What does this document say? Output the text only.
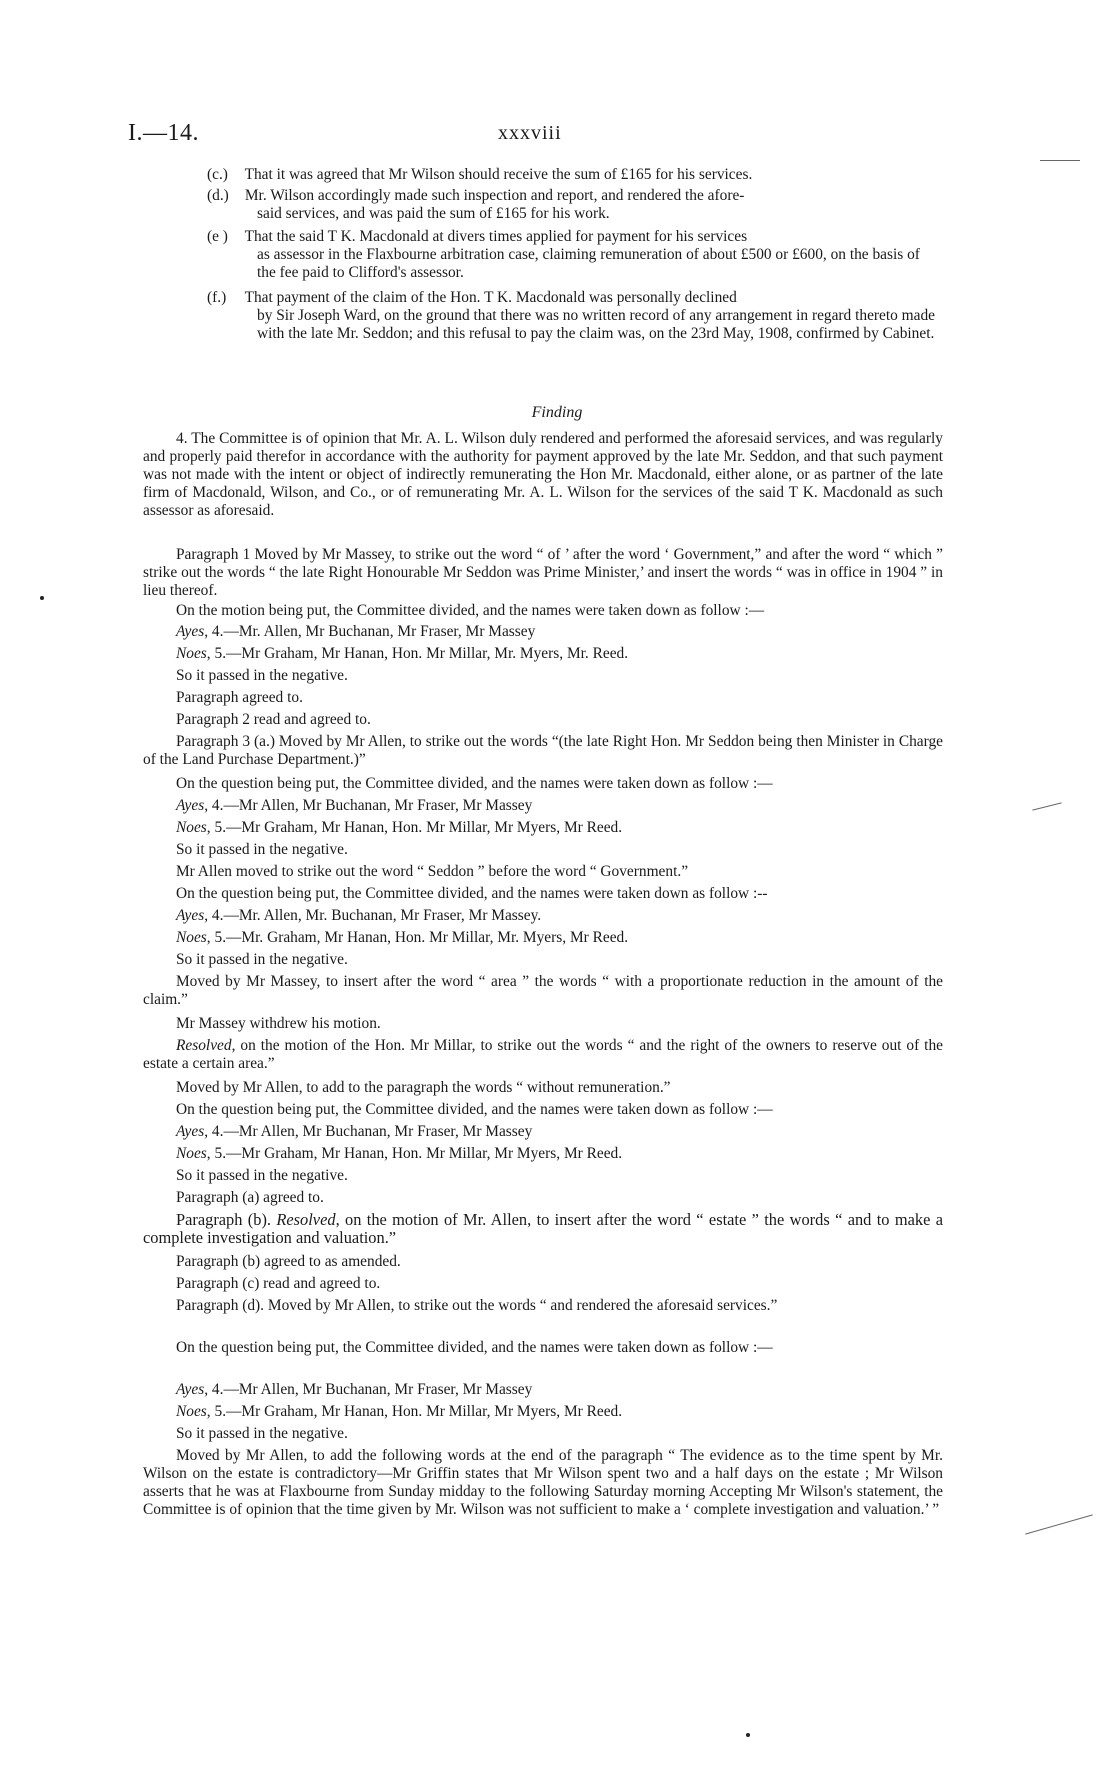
I.—14.	xxxviii
(c.) That it was agreed that Mr Wilson should receive the sum of £165 for his services.
(d.) Mr. Wilson accordingly made such inspection and report, and rendered the afore-
said services, and was paid the sum of £165 for his work.
(e ) That the said T K. Macdonald at divers times applied for payment for his services
as assessor in the Flaxbourne arbitration case, claiming remuneration of about £500 or £600, on the basis of the fee paid to Clifford's assessor.
(f.) That payment of the claim of the Hon. T K. Macdonald was personally declined
by Sir Joseph Ward, on the ground that there was no written record of any arrangement in regard thereto made with the late Mr. Seddon; and this refusal to pay the claim was, on the 23rd May, 1908, confirmed by Cabinet.
Finding
4. The Committee is of opinion that Mr. A. L. Wilson duly rendered and performed the aforesaid services, and was regularly and properly paid therefor in accordance with the authority for payment approved by the late Mr. Seddon, and that such payment was not made with the intent or object of indirectly remunerating the Hon Mr. Macdonald, either alone, or as partner of the late firm of Macdonald, Wilson, and Co., or of remunerating Mr. A. L. Wilson for the services of the said T K. Macdonald as such assessor as aforesaid.
Paragraph 1 Moved by Mr Massey, to strike out the word “ of ’ after the word ‘ Government,” and after the word “ which ” strike out the words “ the late Right Honourable Mr Seddon was Prime Minister,’ and insert the words “ was in office in 1904 ” in lieu thereof.
On the motion being put, the Committee divided, and the names were taken down as follow :—
Ayes, 4.—Mr. Allen, Mr Buchanan, Mr Fraser, Mr Massey
Noes, 5.—Mr Graham, Mr Hanan, Hon. Mr Millar, Mr. Myers, Mr. Reed.
So it passed in the negative.
Paragraph agreed to.
Paragraph 2 read and agreed to.
Paragraph 3 (a.) Moved by Mr Allen, to strike out the words “(the late Right Hon. Mr Seddon being then Minister in Charge of the Land Purchase Department.)”
On the question being put, the Committee divided, and the names were taken down as follow :—
Ayes, 4.—Mr Allen, Mr Buchanan, Mr Fraser, Mr Massey
Noes, 5.—Mr Graham, Mr Hanan, Hon. Mr Millar, Mr Myers, Mr Reed.
So it passed in the negative.
Mr Allen moved to strike out the word “ Seddon ” before the word “ Government.”
On the question being put, the Committee divided, and the names were taken down as follow :--
Ayes, 4.—Mr. Allen, Mr. Buchanan, Mr Fraser, Mr Massey.
Noes, 5.—Mr. Graham, Mr Hanan, Hon. Mr Millar, Mr. Myers, Mr Reed.
So it passed in the negative.
Moved by Mr Massey, to insert after the word “ area ” the words “ with a proportionate reduction in the amount of the claim.”
Mr Massey withdrew his motion.
Resolved, on the motion of the Hon. Mr Millar, to strike out the words “ and the right of the owners to reserve out of the estate a certain area.”
Moved by Mr Allen, to add to the paragraph the words “ without remuneration.”
On the question being put, the Committee divided, and the names were taken down as follow :—
Ayes, 4.—Mr Allen, Mr Buchanan, Mr Fraser, Mr Massey
Noes, 5.—Mr Graham, Mr Hanan, Hon. Mr Millar, Mr Myers, Mr Reed.
So it passed in the negative.
Paragraph (a) agreed to.
Paragraph (b). Resolved, on the motion of Mr. Allen, to insert after the word “ estate ” the words “ and to make a complete investigation and valuation.”
Paragraph (b) agreed to as amended.
Paragraph (c) read and agreed to.
Paragraph (d). Moved by Mr Allen, to strike out the words “ and rendered the aforesaid services.”
On the question being put, the Committee divided, and the names were taken down as follow :—
Ayes, 4.—Mr Allen, Mr Buchanan, Mr Fraser, Mr Massey
Noes, 5.—Mr Graham, Mr Hanan, Hon. Mr Millar, Mr Myers, Mr Reed.
So it passed in the negative.
Moved by Mr Allen, to add the following words at the end of the paragraph “ The evidence as to the time spent by Mr. Wilson on the estate is contradictory—Mr Griffin states that Mr Wilson spent two and a half days on the estate ; Mr Wilson asserts that he was at Flaxbourne from Sunday midday to the following Saturday morning Accepting Mr Wilson's statement, the Committee is of opinion that the time given by Mr. Wilson was not sufficient to make a ‘ complete investigation and valuation.’ ”
